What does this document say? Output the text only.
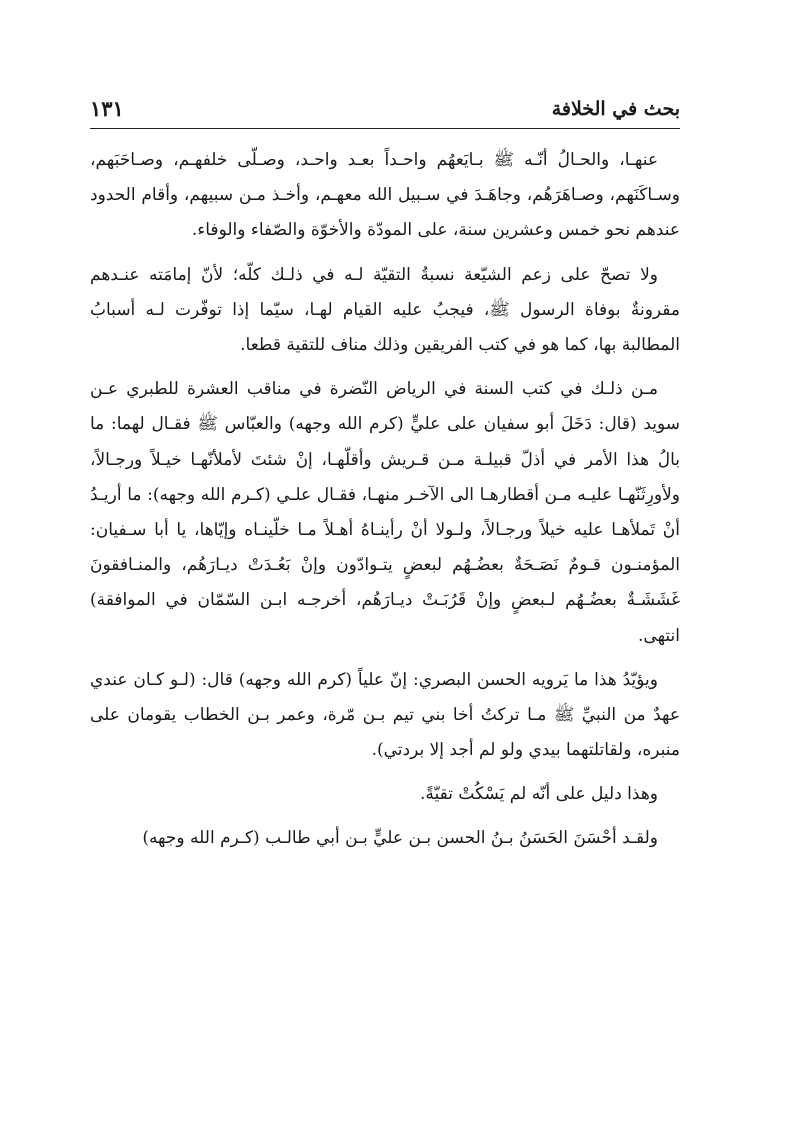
بحث في الخلافة
١٣١

عنهـا، والحـالُ أنّـه ﷺ بـايَعهُم واحـداً بعـد واحـد، وصـلّى خلفهـم، وصـاحَبَهم، وسـاكَنَهم، وصـاهَرَهُم، وجاهَـدَ في سـبيل الله معهـم، وأخـذ مـن سبيهم، وأقام الحدود عندهم نحو خمس وعشرين سنة، على المودّة والأخوّة والصّفاء والوفاء.

ولا تصحّ على زعم الشيّعة نسبةُ التقيّة لـه في ذلـك كلّه؛ لأنّ إمامَته عنـدهم مقرونةٌ بوفاة الرسول ﷺ، فيجبُ عليه القيام لهـا، سيّما إذا توفّرت لـه أسبابُ المطالبة بها، كما هو في كتب الفريقين وذلك مناف للتقية قطعا.

مـن ذلـك في كتب السنة في الرياض النّضرة في مناقب العشرة للطبري عـن سويد (قال: دَخَلَ أبو سفيان على عليٍّ (كرم الله وجهه) والعبّاس ﷺ فقـال لهما: ما بالُ هذا الأمر في أذلّ قبيلـة مـن قـريش وأقلّهـا، إنْ شئتَ لأملأنّهـا خيـلاً ورجـالاً، ولأورِثَنّهـا عليـه مـن أقطارهـا الى الآخـر منهـا، فقـال علـي (كـرم الله وجهه): ما أريـدُ أنْ تَملأهـا عليه خيلاً ورجـالاً، ولـولا أنْ رأينـاهُ أهـلاً مـا خلّينـاه وإيّاها، يا أبا سـفيان: المؤمنـون قـومٌ نَصَـحَةٌ بعضُـهُم لبعضٍ يتـوادّون وإنْ بَعُـدَتْ ديـارَهُم، والمنـافقونَ غَشَشَـةٌ بعضُـهُم لـبعضٍ وإنْ قَرُبَـتْ ديـارَهُم، أخرجـه ابـن السّمّان في الموافقة) انتهى.

ويؤيّدُ هذا ما يَرويه الحسن البصري: إنّ علياً (كرم الله وجهه) قال: (لـو كـان عندي عهدٌ من النبيِّ ﷺ مـا تركتُ أخا بني تيم بـن مّرة، وعمر بـن الخطاب يقومان على منبره، ولقاتلتهما بيدي ولو لم أجد إلا بردتي).

وهذا دليل على أنّه لم يَسْكُتْ تقيّةً.

ولقـد أحْسَنَ الحَسَنُ بـنُ الحسن بـن عليٍّ بـن أبي طالـب (كـرم الله وجهه)
